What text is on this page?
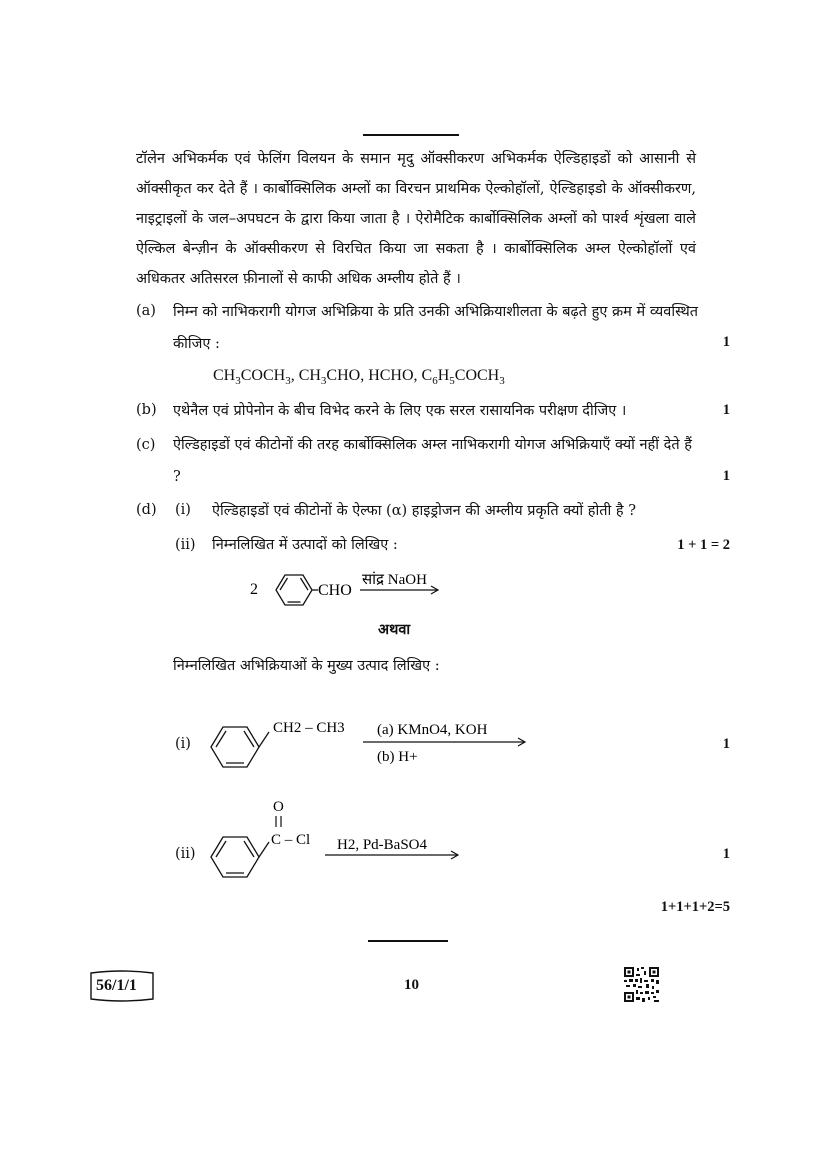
टॉलेन अभिकर्मक एवं फेलिंग विलयन के समान मृदु ऑक्सीकरण अभिकर्मक ऐल्डिहाइडों को आसानी से ऑक्सीकृत कर देते हैं । कार्बोक्सिलिक अम्लों का विरचन प्राथमिक ऐल्कोहॉलों, ऐल्डिहाइडो के ऑक्सीकरण, नाइट्राइलों के जल–अपघटन के द्वारा किया जाता है । ऐरोमैटिक कार्बोक्सिलिक अम्लों को पार्श्व शृंखला वाले ऐल्किल बेन्ज़ीन के ऑक्सीकरण से विरचित किया जा सकता है । कार्बोक्सिलिक अम्ल ऐल्कोहॉलों एवं अधिकतर अतिसरल फ़ीनालों से काफी अधिक अम्लीय होते हैं ।
(a) निम्न को नाभिकरागी योगज अभिक्रिया के प्रति उनकी अभिक्रियाशीलता के बढ़ते हुए क्रम में व्यवस्थित कीजिए :	1
$CH_3COCH_3$, $CH_3CHO$, HCHO, $C_6H_5COCH_3$
(b) एथेनैल एवं प्रोपेनोन के बीच विभेद करने के लिए एक सरल रासायनिक परीक्षण दीजिए ।	1
(c) ऐल्डिहाइडों एवं कीटोनों की तरह कार्बोक्सिलिक अम्ल नाभिकरागी योगज अभिक्रियाएँ क्यों नहीं देते हैं ?	1
(d) (i) ऐल्डिहाइडों एवं कीटोनों के ऐल्फा (α) हाइड्रोजन की अम्लीय प्रकृति क्यों होती है ?
(ii) निम्नलिखित में उत्पादों को लिखिए :	1 + 1 = 2
2	CHO
सांद्र NaOH
अथवा
निम्नलिखित अभिक्रियाओं के मुख्य उत्पाद लिखिए :
(i)
CH2 – CH3 (a) KMnO4, KOH
(b) H+
1
(ii)
O
C – Cl H2, Pd-BaSO4
1
1+1+1+2=5
56/1/1	10
